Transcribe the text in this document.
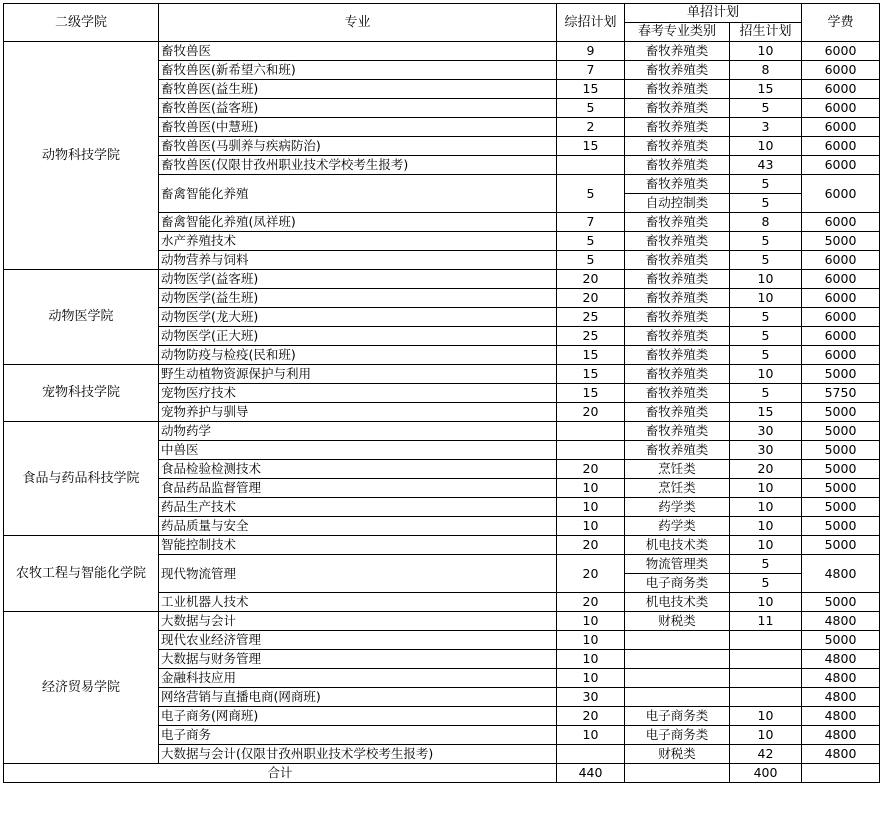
二级学院	专业	综招计划	单招计划		学费
			春考专业类别	招生计划	
动物科技学院	畜牧兽医	9	畜牧养殖类	10	6000
	畜牧兽医(新希望六和班)	7	畜牧养殖类	8	6000
	畜牧兽医(益生班)	15	畜牧养殖类	15	6000
	畜牧兽医(益客班)	5	畜牧养殖类	5	6000
	畜牧兽医(中慧班)	2	畜牧养殖类	3	6000
	畜牧兽医(马驯养与疾病防治)	15	畜牧养殖类	10	6000
	畜牧兽医(仅限甘孜州职业技术学校考生报考)		畜牧养殖类	43	6000
	畜禽智能化养殖	5	畜牧养殖类	5	6000
			自动控制类	5	
	畜禽智能化养殖(凤祥班)	7	畜牧养殖类	8	6000
	水产养殖技术	5	畜牧养殖类	5	5000
	动物营养与饲料	5	畜牧养殖类	5	6000
动物医学院	动物医学(益客班)	20	畜牧养殖类	10	6000
	动物医学(益生班)	20	畜牧养殖类	10	6000
	动物医学(龙大班)	25	畜牧养殖类	5	6000
	动物医学(正大班)	25	畜牧养殖类	5	6000
	动物防疫与检疫(民和班)	15	畜牧养殖类	5	6000
宠物科技学院	野生动植物资源保护与利用	15	畜牧养殖类	10	5000
	宠物医疗技术	15	畜牧养殖类	5	5750
	宠物养护与驯导	20	畜牧养殖类	15	5000
食品与药品科技学院	动物药学		畜牧养殖类	30	5000
	中兽医		畜牧养殖类	30	5000
	食品检验检测技术	20	烹饪类	20	5000
	食品药品监督管理	10	烹饪类	10	5000
	药品生产技术	10	药学类	10	5000
	药品质量与安全	10	药学类	10	5000
农牧工程与智能化学院	智能控制技术	20	机电技术类	10	5000
	现代物流管理	20	物流管理类	5	4800
			电子商务类	5	
	工业机器人技术	20	机电技术类	10	5000
经济贸易学院	大数据与会计	10	财税类	11	4800
	现代农业经济管理	10			5000
	大数据与财务管理	10			4800
	金融科技应用	10			4800
	网络营销与直播电商(网商班)	30			4800
	电子商务(网商班)	20	电子商务类	10	4800
	电子商务	10	电子商务类	10	4800
	大数据与会计(仅限甘孜州职业技术学校考生报考)		财税类	42	4800
合计		440		400	
